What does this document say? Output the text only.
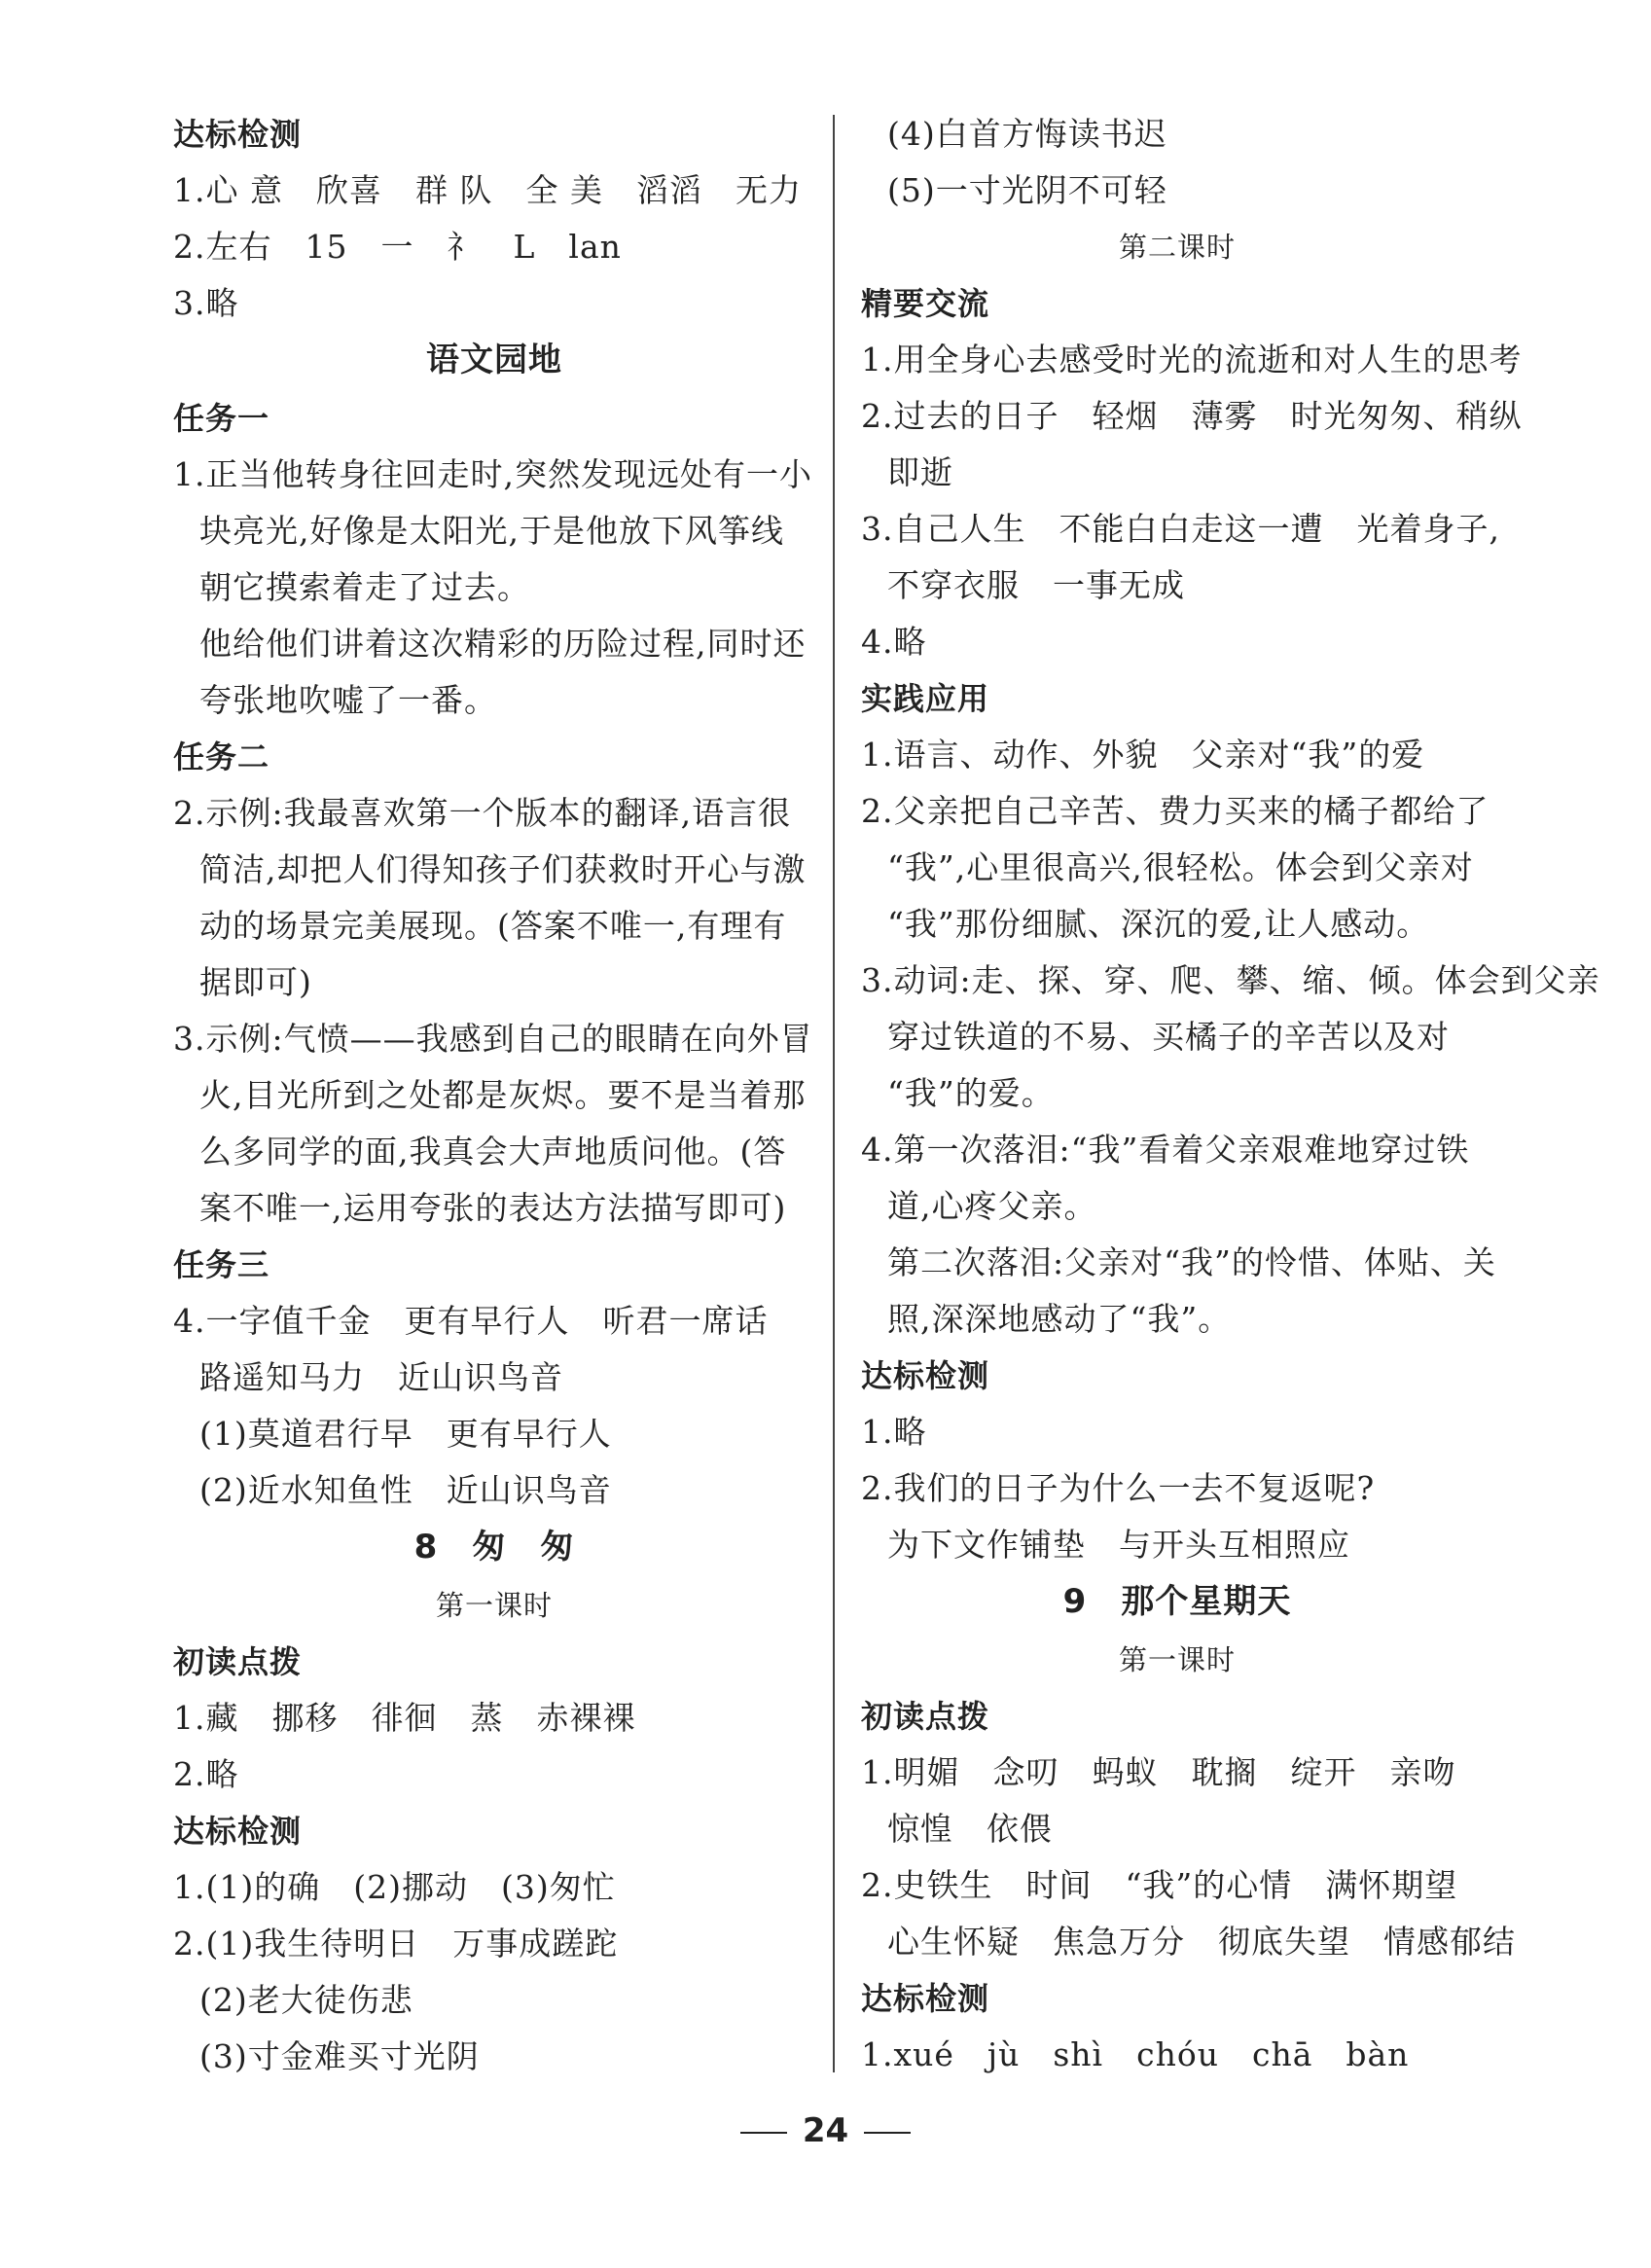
达标检测
1.心 意　欣喜　群 队　全 美　滔滔　无力
2.左右　15　一　礻　L　lan
3.略
语文园地
任务一
1.正当他转身往回走时,突然发现远处有一小
块亮光,好像是太阳光,于是他放下风筝线
朝它摸索着走了过去。
他给他们讲着这次精彩的历险过程,同时还
夸张地吹嘘了一番。
任务二
2.示例:我最喜欢第一个版本的翻译,语言很
简洁,却把人们得知孩子们获救时开心与激
动的场景完美展现。(答案不唯一,有理有
据即可)
3.示例:气愤——我感到自己的眼睛在向外冒
火,目光所到之处都是灰烬。要不是当着那
么多同学的面,我真会大声地质问他。(答
案不唯一,运用夸张的表达方法描写即可)
任务三
4.一字值千金　更有早行人　听君一席话
路遥知马力　近山识鸟音
(1)莫道君行早　更有早行人
(2)近水知鱼性　近山识鸟音
8　匆　匆
第一课时
初读点拨
1.藏　挪移　徘徊　蒸　赤裸裸
2.略
达标检测
1.(1)的确　(2)挪动　(3)匆忙
2.(1)我生待明日　万事成蹉跎
(2)老大徒伤悲
(3)寸金难买寸光阴
(4)白首方悔读书迟
(5)一寸光阴不可轻
第二课时
精要交流
1.用全身心去感受时光的流逝和对人生的思考
2.过去的日子　轻烟　薄雾　时光匆匆、稍纵
即逝
3.自己人生　不能白白走这一遭　光着身子,
不穿衣服　一事无成
4.略
实践应用
1.语言、动作、外貌　父亲对“我”的爱
2.父亲把自己辛苦、费力买来的橘子都给了
“我”,心里很高兴,很轻松。体会到父亲对
“我”那份细腻、深沉的爱,让人感动。
3.动词:走、探、穿、爬、攀、缩、倾。体会到父亲
穿过铁道的不易、买橘子的辛苦以及对
“我”的爱。
4.第一次落泪:“我”看着父亲艰难地穿过铁
道,心疼父亲。
第二次落泪:父亲对“我”的怜惜、体贴、关
照,深深地感动了“我”。
达标检测
1.略
2.我们的日子为什么一去不复返呢?
为下文作铺垫　与开头互相照应
9　那个星期天
第一课时
初读点拨
1.明媚　念叨　蚂蚁　耽搁　绽开　亲吻
惊惶　依偎
2.史铁生　时间　“我”的心情　满怀期望
心生怀疑　焦急万分　彻底失望　情感郁结
达标检测
1.xué　jù　shì　chóu　chā　bàn
24
